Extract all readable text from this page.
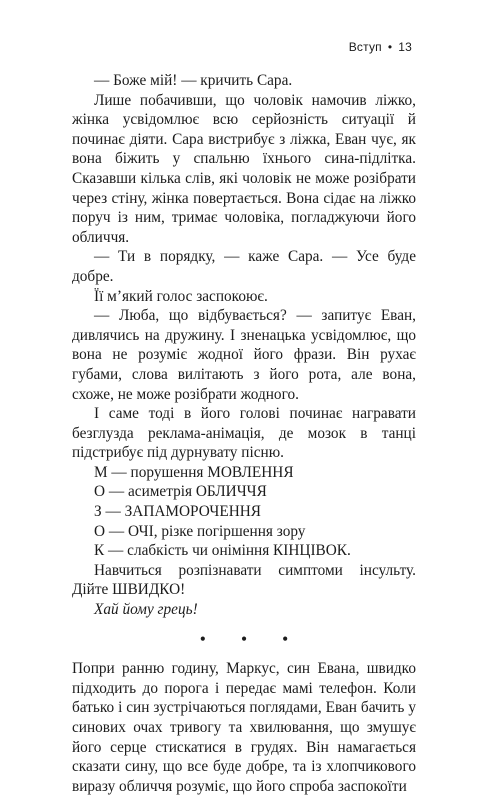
Вступ • 13

— Боже мій! — кричить Сара.

Лише побачивши, що чоловік намочив ліжко, жінка усвідомлює всю серйозність ситуації й починає діяти. Сара вистрибує з ліжка, Еван чує, як вона біжить у спальню їхнього сина-підлітка. Сказавши кілька слів, які чоловік не може розібрати через стіну, жінка повертається. Вона сідає на ліжко поруч із ним, тримає чоловіка, погладжуючи його обличчя.

— Ти в порядку, — каже Сара. — Усе буде добре.

Її м’який голос заспокоює.

— Люба, що відбувається? — запитує Еван, дивлячись на дружину. І зненацька усвідомлює, що вона не розуміє жодної його фрази. Він рухає губами, слова вилітають з його рота, але вона, схоже, не може розібрати жодного.

І саме тоді в його голові починає награвати безглузда реклама-анімація, де мозок в танці підстрибує під дурнувату пісню.

М — порушення МОВЛЕННЯ

О — асиметрія ОБЛИЧЧЯ

З — ЗАПАМОРОЧЕННЯ

О — ОЧІ, різке погіршення зору

К — слабкість чи оніміння КІНЦІВОК.

Навчиться розпізнавати симптоми інсульту. Дійте ШВИДКО!

Хай йому грець!

• • •

Попри ранню годину, Маркус, син Евана, швидко підходить до порога і передає мамі телефон. Коли батько і син зустрічаються поглядами, Еван бачить у синових очах тривогу та хвилювання, що змушує його серце стискатися в грудях. Він намагається сказати сину, що все буде добре, та із хлопчикового виразу обличчя розуміє, що його спроба заспокоїти
